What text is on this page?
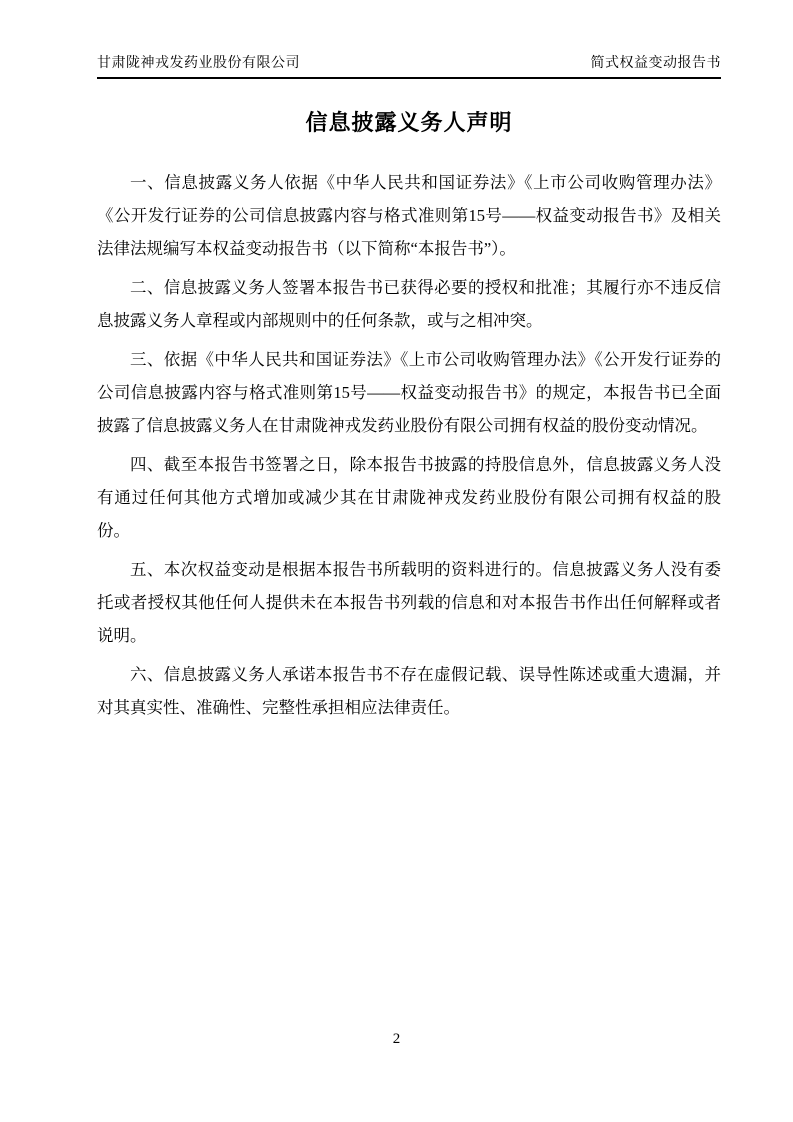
甘肃陇神戎发药业股份有限公司	简式权益变动报告书
信息披露义务人声明

一、信息披露义务人依据《中华人民共和国证券法》《上市公司收购管理办法》《公开发行证券的公司信息披露内容与格式准则第15号——权益变动报告书》及相关法律法规编写本权益变动报告书（以下简称“本报告书”）。

二、信息披露义务人签署本报告书已获得必要的授权和批准；其履行亦不违反信息披露义务人章程或内部规则中的任何条款，或与之相冲突。

三、依据《中华人民共和国证券法》《上市公司收购管理办法》《公开发行证券的公司信息披露内容与格式准则第15号——权益变动报告书》的规定，本报告书已全面披露了信息披露义务人在甘肃陇神戎发药业股份有限公司拥有权益的股份变动情况。

四、截至本报告书签署之日，除本报告书披露的持股信息外，信息披露义务人没有通过任何其他方式增加或减少其在甘肃陇神戎发药业股份有限公司拥有权益的股份。

五、本次权益变动是根据本报告书所载明的资料进行的。信息披露义务人没有委托或者授权其他任何人提供未在本报告书列载的信息和对本报告书作出任何解释或者说明。

六、信息披露义务人承诺本报告书不存在虚假记载、误导性陈述或重大遗漏，并对其真实性、准确性、完整性承担相应法律责任。

2
